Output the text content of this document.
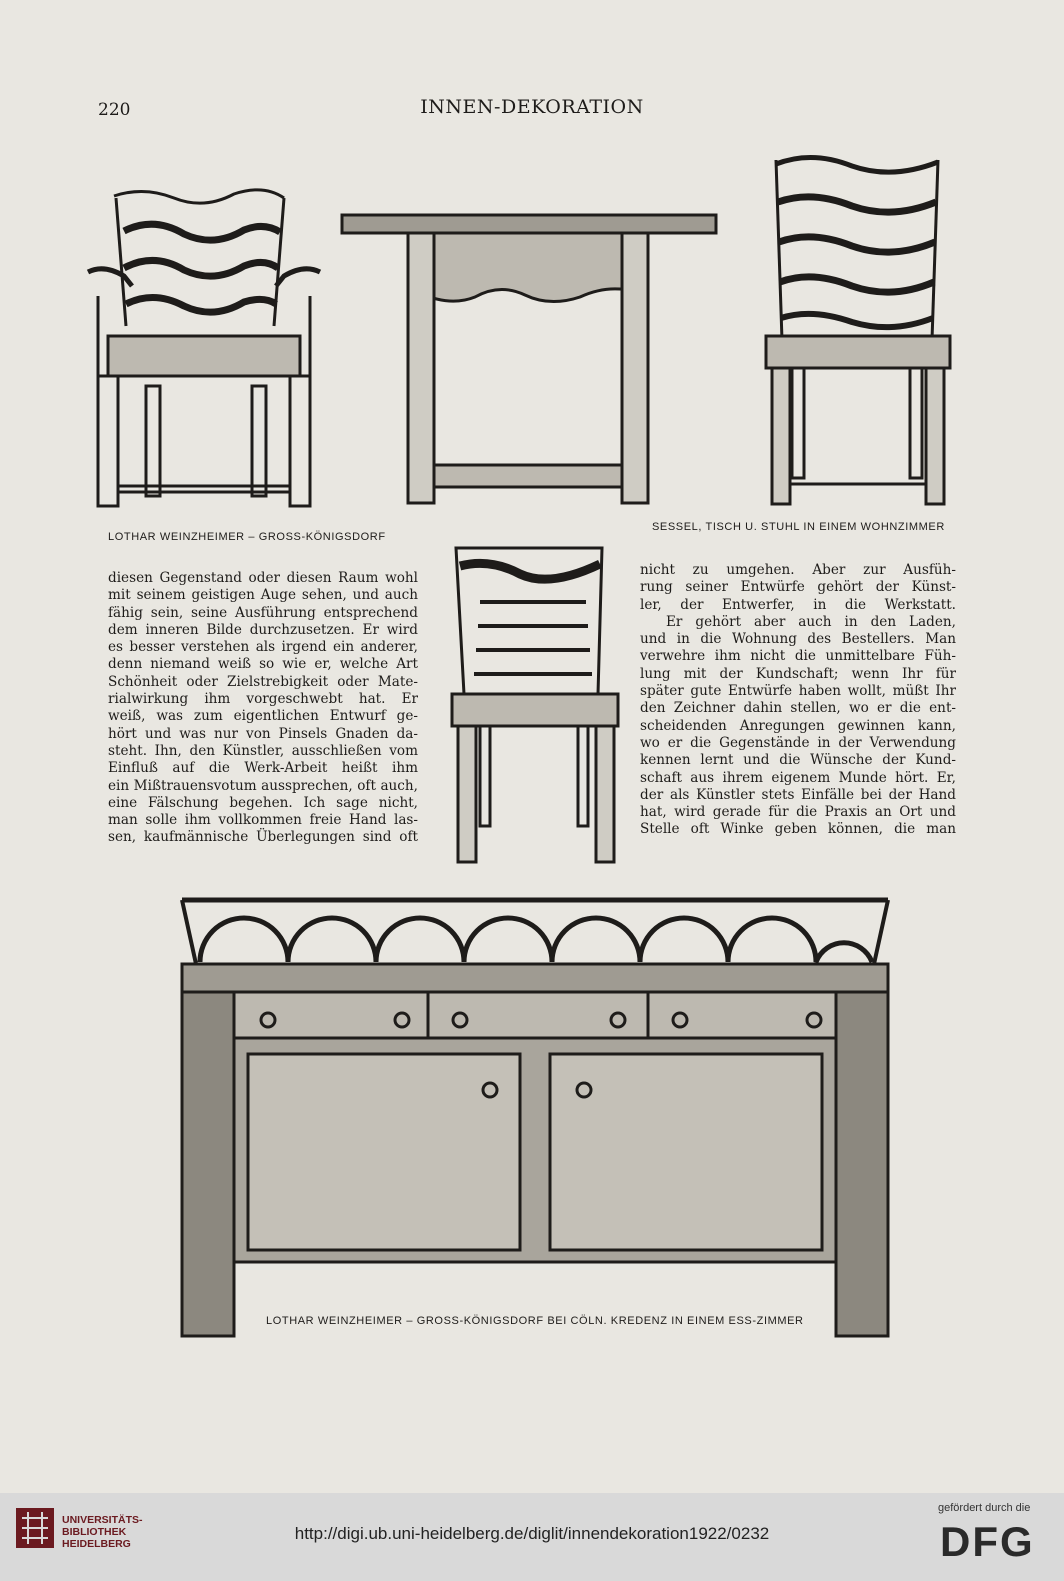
220	INNEN-DEKORATION
LOTHAR WEINZHEIMER – GROSS-KÖNIGSDORF
SESSEL, TISCH U. STUHL IN EINEM WOHNZIMMER
LOTHAR WEINZHEIMER – GROSS-KÖNIGSDORF BEI CÖLN. KREDENZ IN EINEM ESS-ZIMMER

diesen Gegenstand oder diesen Raum wohl

mit seinem geistigen Auge sehen, und auch

fähig sein, seine Ausführung entsprechend

dem inneren Bilde durchzusetzen. Er wird

es besser verstehen als irgend ein anderer,

denn niemand weiß so wie er, welche Art

Schönheit oder Zielstrebigkeit oder Mate-

rialwirkung ihm vorgeschwebt hat. Er

weiß, was zum eigentlichen Entwurf ge-

hört und was nur von Pinsels Gnaden da-

steht. Ihn, den Künstler, ausschließen vom

Einfluß auf die Werk-Arbeit heißt ihm

ein Mißtrauensvotum aussprechen, oft auch,

eine Fälschung begehen. Ich sage nicht,

man solle ihm vollkommen freie Hand las-

sen, kaufmännische Überlegungen sind oft

nicht zu umgehen. Aber zur Ausfüh-

rung seiner Entwürfe gehört der Künst-

ler, der Entwerfer, in die Werkstatt.

Er gehört aber auch in den Laden,

und in die Wohnung des Bestellers. Man

verwehre ihm nicht die unmittelbare Füh-

lung mit der Kundschaft; wenn Ihr für

später gute Entwürfe haben wollt, müßt Ihr

den Zeichner dahin stellen, wo er die ent-

scheidenden Anregungen gewinnen kann,

wo er die Gegenstände in der Verwendung

kennen lernt und die Wünsche der Kund-

schaft aus ihrem eigenem Munde hört. Er,

der als Künstler stets Einfälle bei der Hand

hat, wird gerade für die Praxis an Ort und

Stelle oft Winke geben können, die man

UNIVERSITÄTS-
BIBLIOTHEK
HEIDELBERG
http://digi.ub.uni-heidelberg.de/diglit/innendekoration1922/0232
gefördert durch die
DFG
